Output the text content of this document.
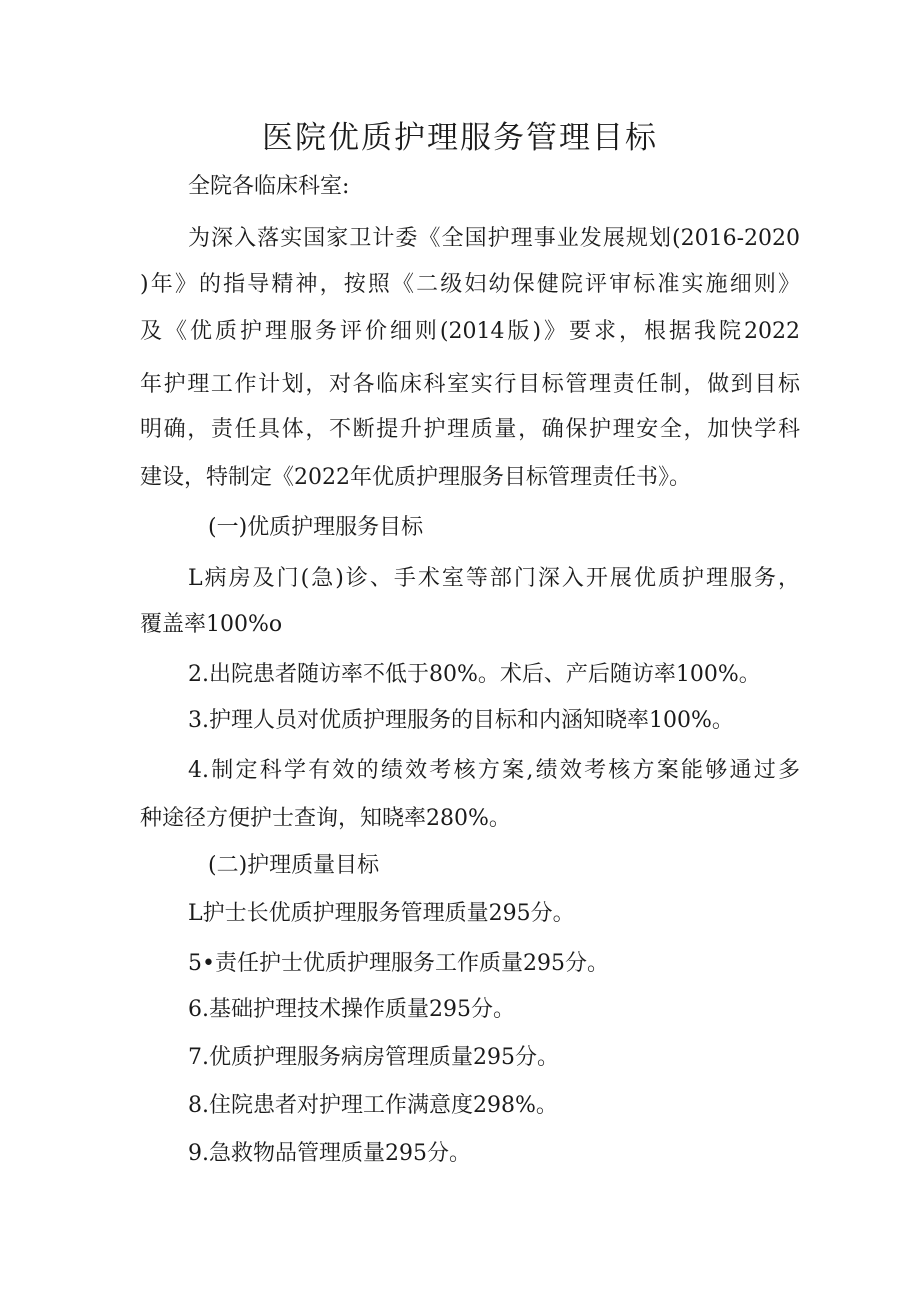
医院优质护理服务管理目标

全院各临床科室:

为深入落实国家卫计委《全国护理事业发展规划(2016-2020

)年》的指导精神，按照《二级妇幼保健院评审标准实施细则》

及《优质护理服务评价细则(2014版)》要求，根据我院2022

年护理工作计划，对各临床科室实行目标管理责任制，做到目标

明确，责任具体，不断提升护理质量，确保护理安全，加快学科

建设，特制定《2022年优质护理服务目标管理责任书》。

(一)优质护理服务目标

L病房及门(急)诊、手术室等部门深入开展优质护理服务，

覆盖率100%o

2.出院患者随访率不低于80%。术后、产后随访率100%。

3.护理人员对优质护理服务的目标和内涵知晓率100%。

4.制定科学有效的绩效考核方案,绩效考核方案能够通过多

种途径方便护士查询，知晓率280%。

(二)护理质量目标

L护士长优质护理服务管理质量295分。

5•责任护士优质护理服务工作质量295分。

6.基础护理技术操作质量295分。

7.优质护理服务病房管理质量295分。

8.住院患者对护理工作满意度298%。

9.急救物品管理质量295分。
